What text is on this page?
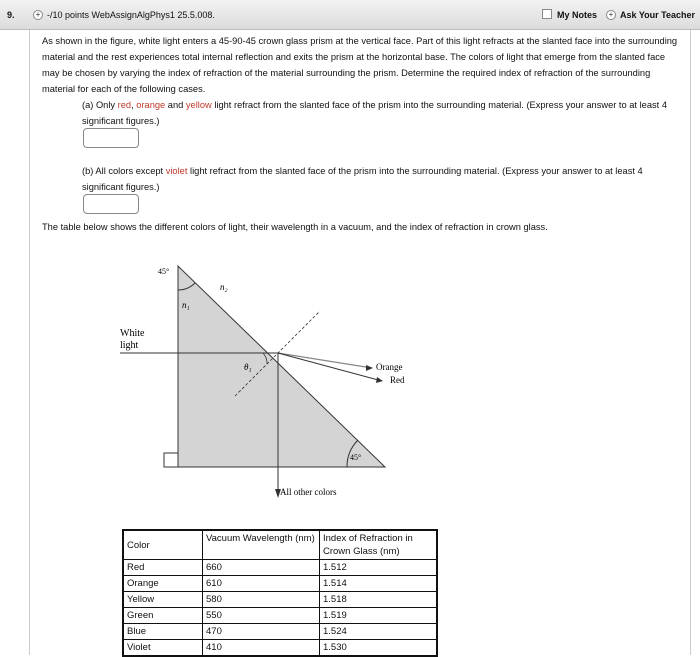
9.	+ -/10 points WebAssignAlgPhys1 25.5.008.	My Notes	+ Ask Your Teacher
As shown in the figure, white light enters a 45-90-45 crown glass prism at the vertical face. Part of this light refracts at the slanted face into the surrounding material and the rest experiences total internal reflection and exits the prism at the horizontal base. The colors of light that emerge from the slanted face may be chosen by varying the index of refraction of the material surrounding the prism. Determine the required index of refraction of the surrounding material for each of the following cases.
(a) Only red, orange and yellow light refract from the slanted face of the prism into the surrounding material. (Express your answer to at least 4 significant figures.)
(b) All colors except violet light refract from the slanted face of the prism into the surrounding material. (Express your answer to at least 4 significant figures.)
The table below shows the different colors of light, their wavelength in a vacuum, and the index of refraction in crown glass.
45°
n₂
n₁
White
light
θ₁	Orange
Red
45°
All other colors
Color	Vacuum Wavelength (nm)	Index of Refraction in Crown Glass (nm)
Red	660	1.512
Orange	610	1.514
Yellow	580	1.518
Green	550	1.519
Blue	470	1.524
Violet	410	1.530
